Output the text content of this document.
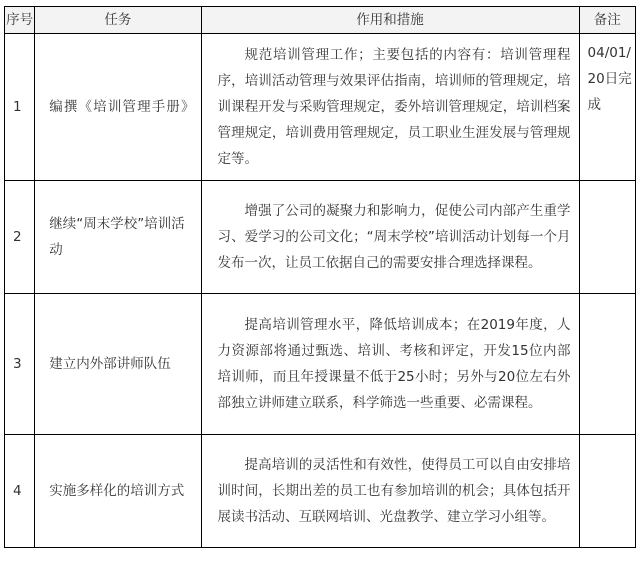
序号	任务	作用和措施	备注
1	编撰《培训管理手册》	规范培训管理工作；主要包括的内容有：培训管理程序，培训活动管理与效果评估指南，培训师的管理规定，培训课程开发与采购管理规定，委外培训管理规定，培训档案管理规定，培训费用管理规定，员工职业生涯发展与管理规定等。	04/01/20日完成
2	继续“周末学校”培训活动	增强了公司的凝聚力和影响力，促使公司内部产生重学习、爱学习的公司文化；“周末学校”培训活动计划每一个月发布一次，让员工依据自己的需要安排合理选择课程。	

3	建立内外部讲师队伍	提高培训管理水平，降低培训成本；在2019年度，人力资源部将通过甄选、培训、考核和评定，开发15位内部培训师，而且年授课量不低于25小时；另外与20位左右外部独立讲师建立联系，科学筛选一些重要、必需课程。	

4	实施多样化的培训方式	提高培训的灵活性和有效性，使得员工可以自由安排培训时间，长期出差的员工也有参加培训的机会；具体包括开展读书活动、互联网培训、光盘教学、建立学习小组等。	
